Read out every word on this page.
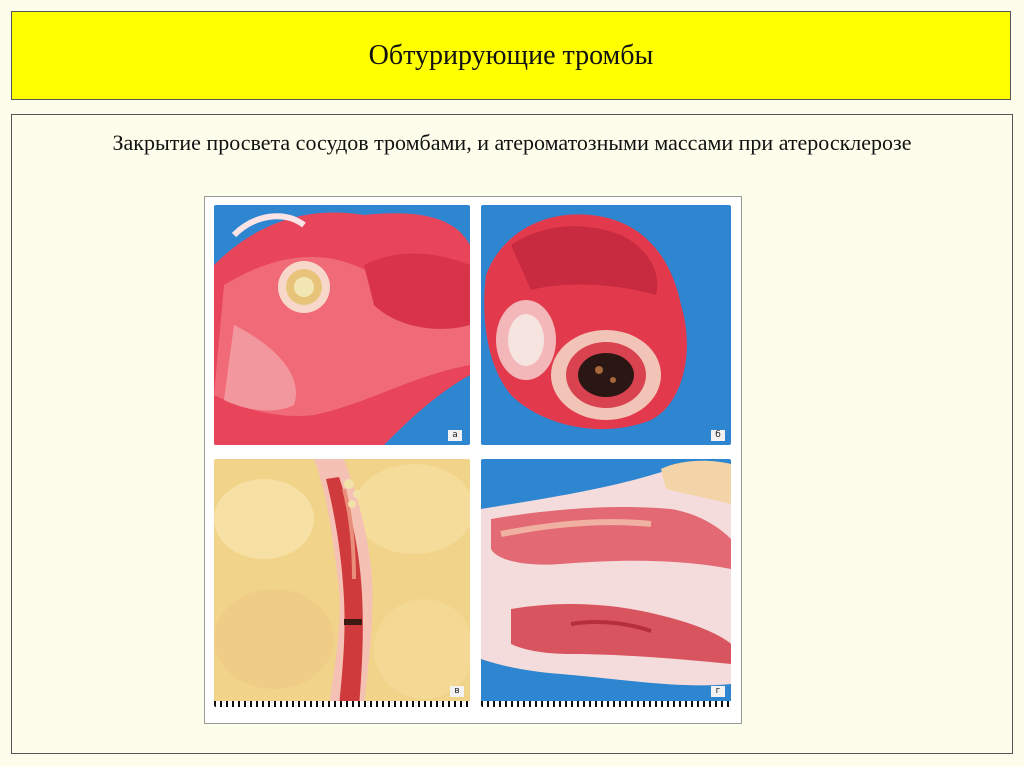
Обтурирующие тромбы
Закрытие просвета сосудов тромбами, и атероматозными массами при атеросклерозе
а	б
в	г
